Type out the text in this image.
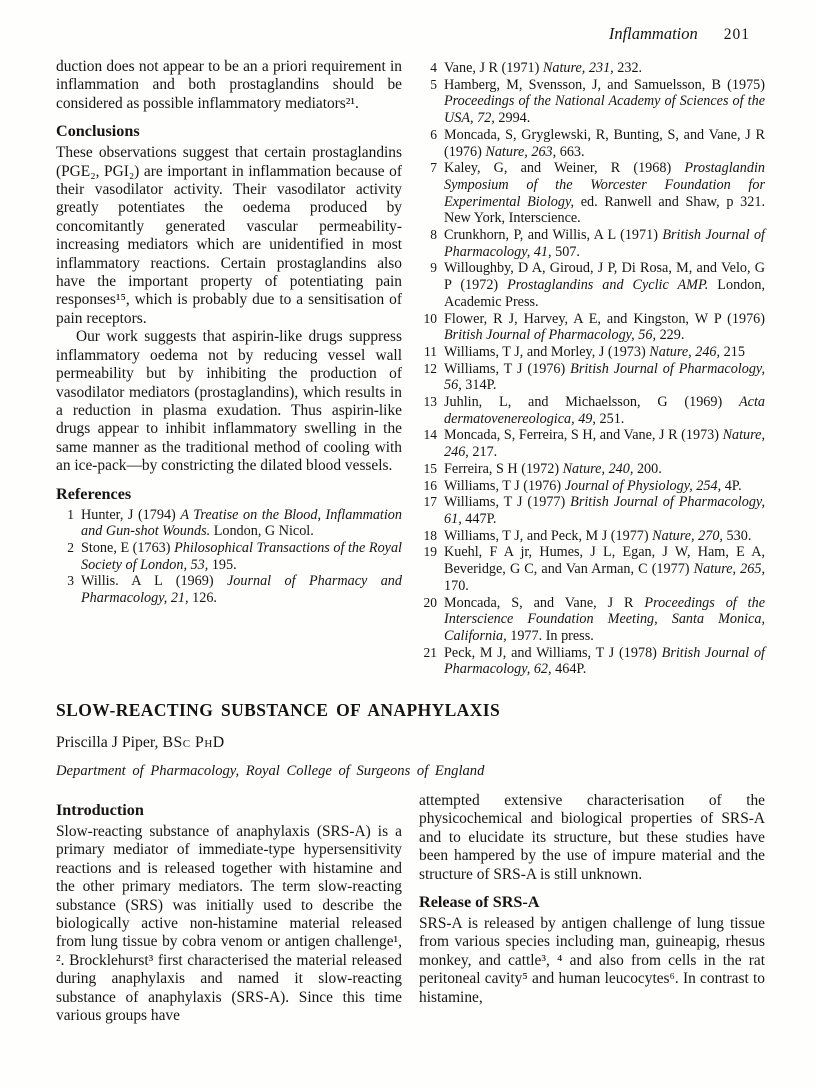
Inflammation 201

duction does not appear to be an a priori requirement in inflammation and both prostaglandins should be considered as possible inflammatory mediators²¹.

Conclusions

These observations suggest that certain prostaglandins (PGE₂, PGI₂) are important in inflammation because of their vasodilator activity. Their vasodilator activity greatly potentiates the oedema produced by concomitantly generated vascular permeability-increasing mediators which are unidentified in most inflammatory reactions. Certain prostaglandins also have the important property of potentiating pain responses¹⁵, which is probably due to a sensitisation of pain receptors.

Our work suggests that aspirin-like drugs suppress inflammatory oedema not by reducing vessel wall permeability but by inhibiting the production of vasodilator mediators (prostaglandins), which results in a reduction in plasma exudation. Thus aspirin-like drugs appear to inhibit inflammatory swelling in the same manner as the traditional method of cooling with an ice-pack—by constricting the dilated blood vessels.

References
1 Hunter, J (1794) A Treatise on the Blood, Inflammation and Gun-shot Wounds. London, G Nicol.
2 Stone, E (1763) Philosophical Transactions of the Royal Society of London, 53, 195.
3 Willis. A L (1969) Journal of Pharmacy and Pharmacology, 21, 126.
4 Vane, J R (1971) Nature, 231, 232.
5 Hamberg, M, Svensson, J, and Samuelsson, B (1975) Proceedings of the National Academy of Sciences of the USA, 72, 2994.
6 Moncada, S, Gryglewski, R, Bunting, S, and Vane, J R (1976) Nature, 263, 663.
7 Kaley, G, and Weiner, R (1968) Prostaglandin Symposium of the Worcester Foundation for Experimental Biology, ed. Ranwell and Shaw, p 321. New York, Interscience.
8 Crunkhorn, P, and Willis, A L (1971) British Journal of Pharmacology, 41, 507.
9 Willoughby, D A, Giroud, J P, Di Rosa, M, and Velo, G P (1972) Prostaglandins and Cyclic AMP. London, Academic Press.
10 Flower, R J, Harvey, A E, and Kingston, W P (1976) British Journal of Pharmacology, 56, 229.
11 Williams, T J, and Morley, J (1973) Nature, 246, 215
12 Williams, T J (1976) British Journal of Pharmacology, 56, 314P.
13 Juhlin, L, and Michaelsson, G (1969) Acta dermatovenereologica, 49, 251.
14 Moncada, S, Ferreira, S H, and Vane, J R (1973) Nature, 246, 217.
15 Ferreira, S H (1972) Nature, 240, 200.
16 Williams, T J (1976) Journal of Physiology, 254, 4P.
17 Williams, T J (1977) British Journal of Pharmacology, 61, 447P.
18 Williams, T J, and Peck, M J (1977) Nature, 270, 530.
19 Kuehl, F A jr, Humes, J L, Egan, J W, Ham, E A, Beveridge, G C, and Van Arman, C (1977) Nature, 265, 170.
20 Moncada, S, and Vane, J R Proceedings of the Interscience Foundation Meeting, Santa Monica, California, 1977. In press.
21 Peck, M J, and Williams, T J (1978) British Journal of Pharmacology, 62, 464P.
SLOW-REACTING SUBSTANCE OF ANAPHYLAXIS

Priscilla J Piper, BSc PhD

Department of Pharmacology, Royal College of Surgeons of England

Introduction

Slow-reacting substance of anaphylaxis (SRS-A) is a primary mediator of immediate-type hypersensitivity reactions and is released together with histamine and the other primary mediators. The term slow-reacting substance (SRS) was initially used to describe the biologically active non-histamine material released from lung tissue by cobra venom or antigen challenge¹, ². Brocklehurst³ first characterised the material released during anaphylaxis and named it slow-reacting substance of anaphylaxis (SRS-A). Since this time various groups have

attempted extensive characterisation of the physicochemical and biological properties of SRS-A and to elucidate its structure, but these studies have been hampered by the use of impure material and the structure of SRS-A is still unknown.

Release of SRS-A

SRS-A is released by antigen challenge of lung tissue from various species including man, guineapig, rhesus monkey, and cattle³, ⁴ and also from cells in the rat peritoneal cavity⁵ and human leucocytes⁶. In contrast to histamine,
